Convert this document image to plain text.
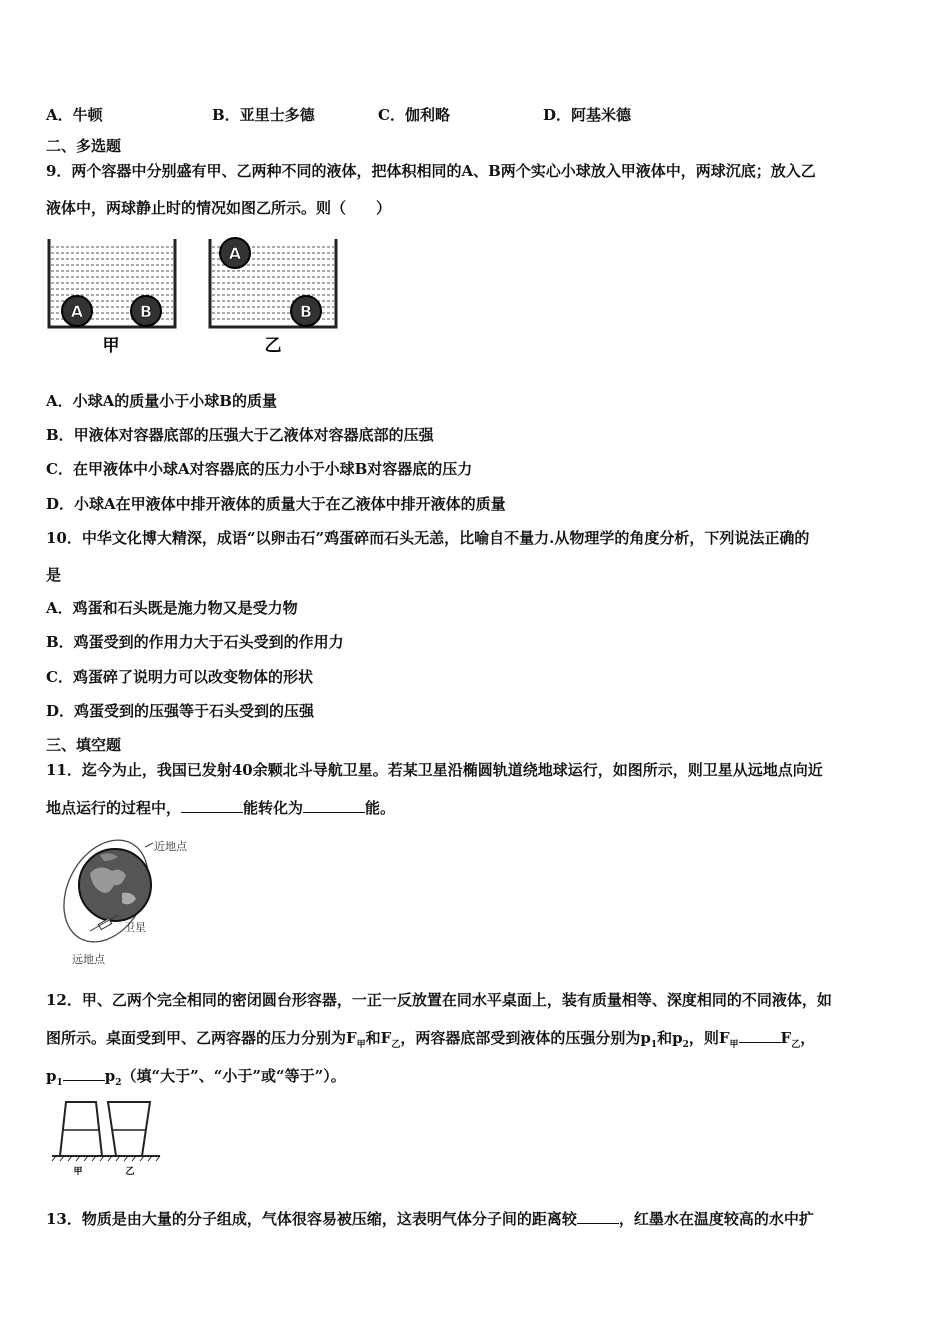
A．牛顿	B．亚里士多德	C．伽利略	D．阿基米德
二、多选题
9．两个容器中分别盛有甲、乙两种不同的液体，把体积相同的A、B两个实心小球放入甲液体中，两球沉底；放入乙
液体中，两球静止时的情况如图乙所示。则（　　）
A	B
甲
A
B
乙
A．小球A的质量小于小球B的质量
B．甲液体对容器底部的压强大于乙液体对容器底部的压强
C．在甲液体中小球A对容器底的压力小于小球B对容器底的压力
D．小球A在甲液体中排开液体的质量大于在乙液体中排开液体的质量
10．中华文化博大精深，成语“以卵击石”鸡蛋碎而石头无恙，比喻自不量力.从物理学的角度分析，下列说法正确的
是
A．鸡蛋和石头既是施力物又是受力物
B．鸡蛋受到的作用力大于石头受到的作用力
C．鸡蛋碎了说明力可以改变物体的形状
D．鸡蛋受到的压强等于石头受到的压强
三、填空题
11．迄今为止，我国已发射40余颗北斗导航卫星。若某卫星沿椭圆轨道绕地球运行，如图所示，则卫星从远地点向近
地点运行的过程中，	能转化为	能。
近地点
卫星
远地点
12．甲、乙两个完全相同的密闭圆台形容器，一正一反放置在同水平桌面上，装有质量相等、深度相同的不同液体，如
图所示。桌面受到甲、乙两容器的压力分别为$F_甲$和$F_乙$，两容器底部受到液体的压强分别为$p_1$和$p_2$，则$F_甲$	$F_乙$，
$p_1$	$p_2$（填“大于”、“小于”或“等于”）。
甲	乙
13．物质是由大量的分子组成，气体很容易被压缩，这表明气体分子间的距离较	，红墨水在温度较高的水中扩
